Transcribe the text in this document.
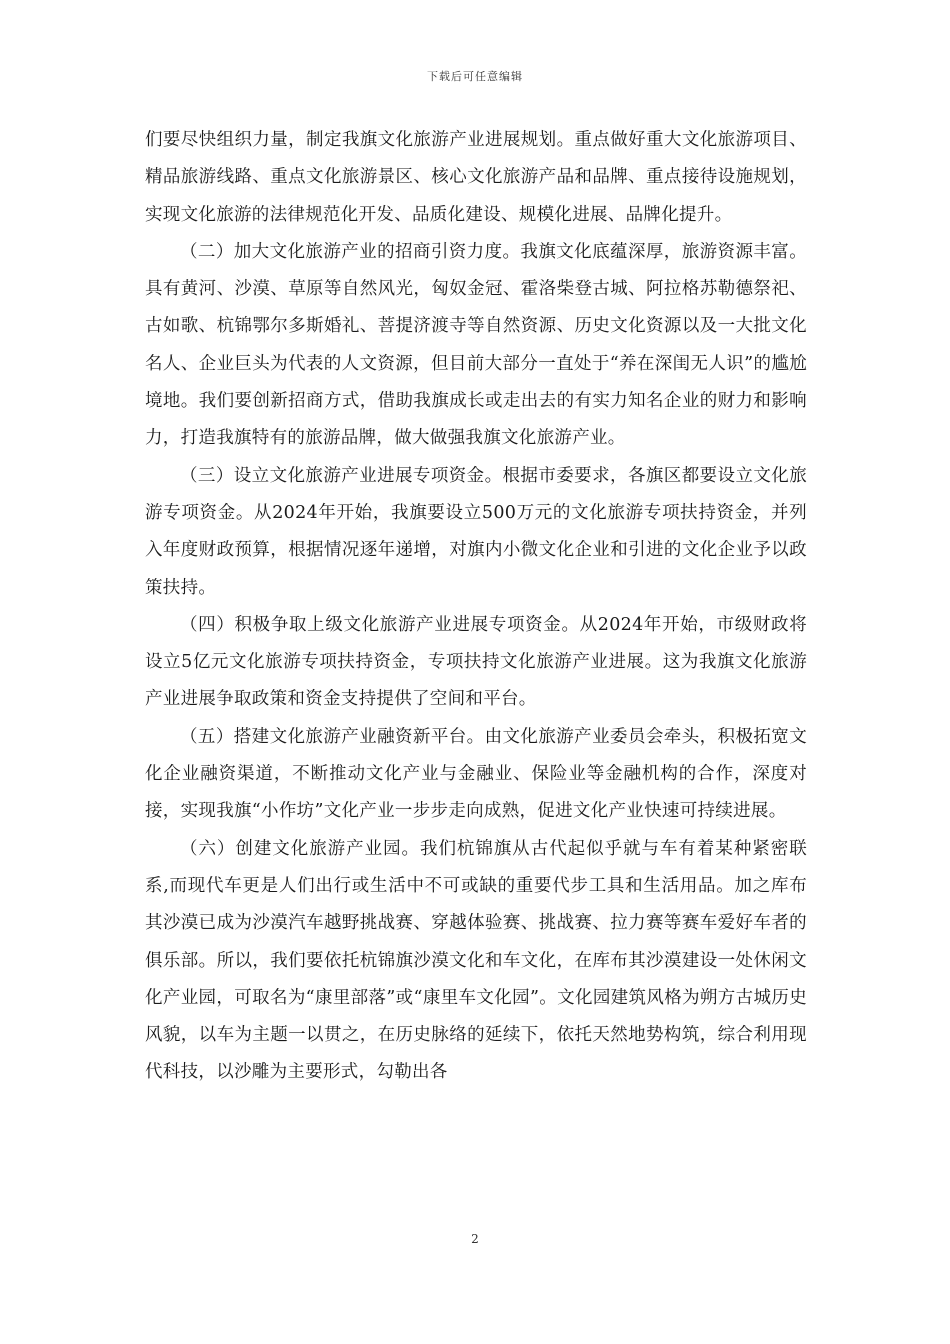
下载后可任意编辑

们要尽快组织力量，制定我旗文化旅游产业进展规划。重点做好重大文化旅游项目、精品旅游线路、重点文化旅游景区、核心文化旅游产品和品牌、重点接待设施规划，实现文化旅游的法律规范化开发、品质化建设、规模化进展、品牌化提升。

（二）加大文化旅游产业的招商引资力度。我旗文化底蕴深厚，旅游资源丰富。具有黄河、沙漠、草原等自然风光，匈奴金冠、霍洛柴登古城、阿拉格苏勒德祭祀、古如歌、杭锦鄂尔多斯婚礼、菩提济渡寺等自然资源、历史文化资源以及一大批文化名人、企业巨头为代表的人文资源，但目前大部分一直处于“养在深闺无人识”的尴尬境地。我们要创新招商方式，借助我旗成长或走出去的有实力知名企业的财力和影响力，打造我旗特有的旅游品牌，做大做强我旗文化旅游产业。

（三）设立文化旅游产业进展专项资金。根据市委要求，各旗区都要设立文化旅游专项资金。从2024年开始，我旗要设立500万元的文化旅游专项扶持资金，并列入年度财政预算，根据情况逐年递增，对旗内小微文化企业和引进的文化企业予以政策扶持。

（四）积极争取上级文化旅游产业进展专项资金。从2024年开始，市级财政将设立5亿元文化旅游专项扶持资金，专项扶持文化旅游产业进展。这为我旗文化旅游产业进展争取政策和资金支持提供了空间和平台。

（五）搭建文化旅游产业融资新平台。由文化旅游产业委员会牵头，积极拓宽文化企业融资渠道，不断推动文化产业与金融业、保险业等金融机构的合作，深度对接，实现我旗“小作坊”文化产业一步步走向成熟，促进文化产业快速可持续进展。

（六）创建文化旅游产业园。我们杭锦旗从古代起似乎就与车有着某种紧密联系,而现代车更是人们出行或生活中不可或缺的重要代步工具和生活用品。加之库布其沙漠已成为沙漠汽车越野挑战赛、穿越体验赛、挑战赛、拉力赛等赛车爱好车者的俱乐部。所以，我们要依托杭锦旗沙漠文化和车文化，在库布其沙漠建设一处休闲文化产业园，可取名为“康里部落”或“康里车文化园”。文化园建筑风格为朔方古城历史风貌，以车为主题一以贯之，在历史脉络的延续下，依托天然地势构筑，综合利用现代科技，以沙雕为主要形式，勾勒出各

2
